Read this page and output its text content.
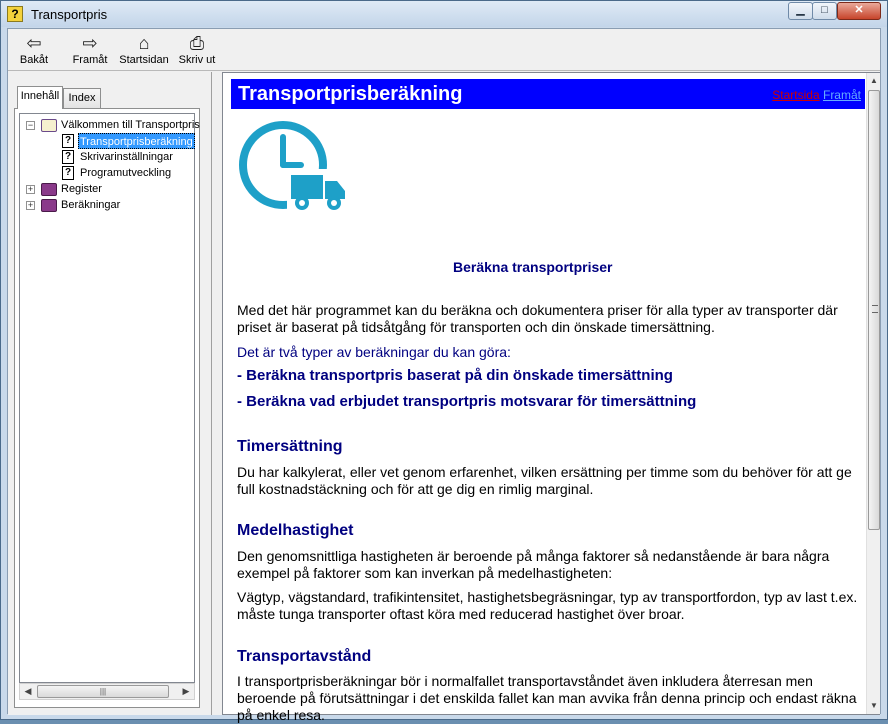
? Transportpris	▁	□	✕
⇦
Bakåt
⇨
Framåt
⌂
Startsidan
⎙
Skriv ut
Innehåll Index
−	Välkommen till Transportpris
? Transportprisberäkning
? Skrivarinställningar
? Programutveckling
+	Register
+	Beräkningar
◀	|||	▶
Transportprisberäkning	Startsida Framåt
Beräkna transportpriser
Med det här programmet kan du beräkna och dokumentera priser för alla typer av transporter där priset är baserat på tidsåtgång för transporten och din önskade timersättning.
Det är två typer av beräkningar du kan göra:
- Beräkna transportpris baserat på din önskade timersättning
- Beräkna vad erbjudet transportpris motsvarar för timersättning
Timersättning
Du har kalkylerat, eller vet genom erfarenhet, vilken ersättning per timme som du behöver för att ge full kostnadstäckning och för att ge dig en rimlig marginal.
Medelhastighet
Den genomsnittliga hastigheten är beroende på många faktorer så nedanstående är bara några exempel på faktorer som kan inverkan på medelhastigheten:
Vägtyp, vägstandard, trafikintensitet, hastighetsbegräsningar, typ av transportfordon, typ av last t.ex. måste tunga transporter oftast köra med reducerad hastighet över broar.
Transportavstånd
I transportprisberäkningar bör i normalfallet transportavståndet även inkludera återresan men beroende på förutsättningar i det enskilda fallet kan man avvika från denna princip och endast räkna på enkel resa.
▲
▼
